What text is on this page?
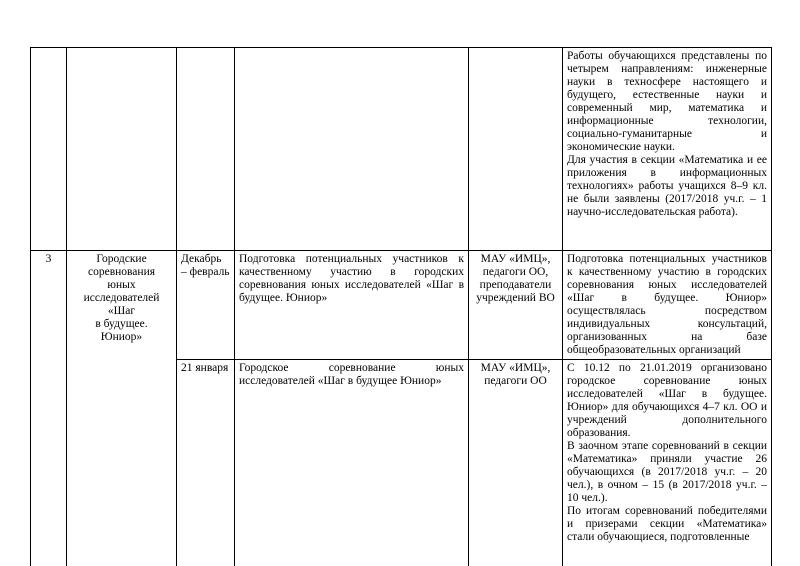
					Работы обучающихся представлены по четырем направлениям: инженерные науки в техносфере настоящего и будущего, естественные науки и современный мир, математика и информационные технологии, социально-гуманитарные и экономические науки.
Для участия в секции «Математика и ее приложения в информационных технологиях» работы учащихся 8–9 кл. не были заявлены (2017/2018 уч.г. – 1 научно-исследовательская работа).
3	Городские
соревнования
юных
исследователей
«Шаг
в будущее.
Юниор»	Декабрь – февраль	Подготовка потенциальных участников к качественному участию в городских соревнования юных исследователей «Шаг в будущее. Юниор»	МАУ «ИМЦ», педагоги ОО, преподаватели учреждений ВО	Подготовка потенциальных участников к качественному участию в городских соревнования юных исследователей «Шаг в будущее. Юниор» осуществлялась посредством индивидуальных консультаций, организованных на базе общеобразовательных организаций
		21 января	Городское соревнование юных исследователей «Шаг в будущее Юниор»	МАУ «ИМЦ», педагоги ОО	С 10.12 по 21.01.2019 организовано городское соревнование юных исследователей «Шаг в будущее. Юниор» для обучающихся 4–7 кл. ОО и учреждений дополнительного образования.
В заочном этапе соревнований в секции «Математика» приняли участие 26 обучающихся (в 2017/2018 уч.г. – 20 чел.), в очном – 15 (в 2017/2018 уч.г. – 10 чел.).
По итогам соревнований победителями и призерами секции «Математика» стали обучающиеся, подготовленные
